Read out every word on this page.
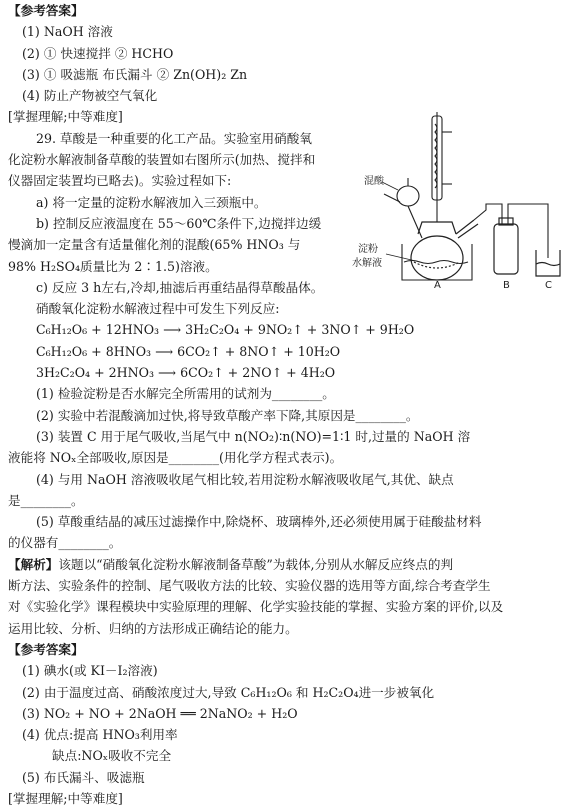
【参考答案】
(1) NaOH 溶液
(2) ① 快速搅拌 ② HCHO
(3) ① 吸滤瓶 布氏漏斗 ② Zn(OH)₂ Zn
(4) 防止产物被空气氧化
[掌握理解;中等难度]
29. 草酸是一种重要的化工产品。实验室用硝酸氧
化淀粉水解液制备草酸的装置如右图所示(加热、搅拌和
仪器固定装置均已略去)。实验过程如下:
a) 将一定量的淀粉水解液加入三颈瓶中。
b) 控制反应液温度在 55～60℃条件下,边搅拌边缓
慢滴加一定量含有适量催化剂的混酸(65% HNO₃ 与
98% H₂SO₄质量比为 2∶1.5)溶液。
c) 反应 3 h左右,冷却,抽滤后再重结晶得草酸晶体。
硝酸氧化淀粉水解液过程中可发生下列反应:
C₆H₁₂O₆ + 12HNO₃ ⟶ 3H₂C₂O₄ + 9NO₂↑ + 3NO↑ + 9H₂O
C₆H₁₂O₆ + 8HNO₃ ⟶ 6CO₂↑ + 8NO↑ + 10H₂O
3H₂C₂O₄ + 2HNO₃ ⟶ 6CO₂↑ + 2NO↑ + 4H₂O
(1) 检验淀粉是否水解完全所需用的试剂为________。
(2) 实验中若混酸滴加过快,将导致草酸产率下降,其原因是________。
(3) 装置 C 用于尾气吸收,当尾气中 n(NO₂)∶n(NO)=1∶1 时,过量的 NaOH 溶
液能将 NOₓ全部吸收,原因是________(用化学方程式表示)。
(4) 与用 NaOH 溶液吸收尾气相比较,若用淀粉水解液吸收尾气,其优、缺点
是________。
(5) 草酸重结晶的减压过滤操作中,除烧杯、玻璃棒外,还必须使用属于硅酸盐材料
的仪器有________。
【解析】该题以“硝酸氧化淀粉水解液制备草酸”为载体,分别从水解反应终点的判
断方法、实验条件的控制、尾气吸收方法的比较、实验仪器的选用等方面,综合考查学生
对《实验化学》课程模块中实验原理的理解、化学实验技能的掌握、实验方案的评价,以及
运用比较、分析、归纳的方法形成正确结论的能力。
【参考答案】
(1) 碘水(或 KI－I₂溶液)
(2) 由于温度过高、硝酸浓度过大,导致 C₆H₁₂O₆ 和 H₂C₂O₄进一步被氧化
(3) NO₂ + NO + 2NaOH ══ 2NaNO₂ + H₂O
(4) 优点:提高 HNO₃利用率
缺点:NOₓ吸收不完全
(5) 布氏漏斗、吸滤瓶
[掌握理解;中等难度]
混酸
淀粉
水解液
A	B	C
